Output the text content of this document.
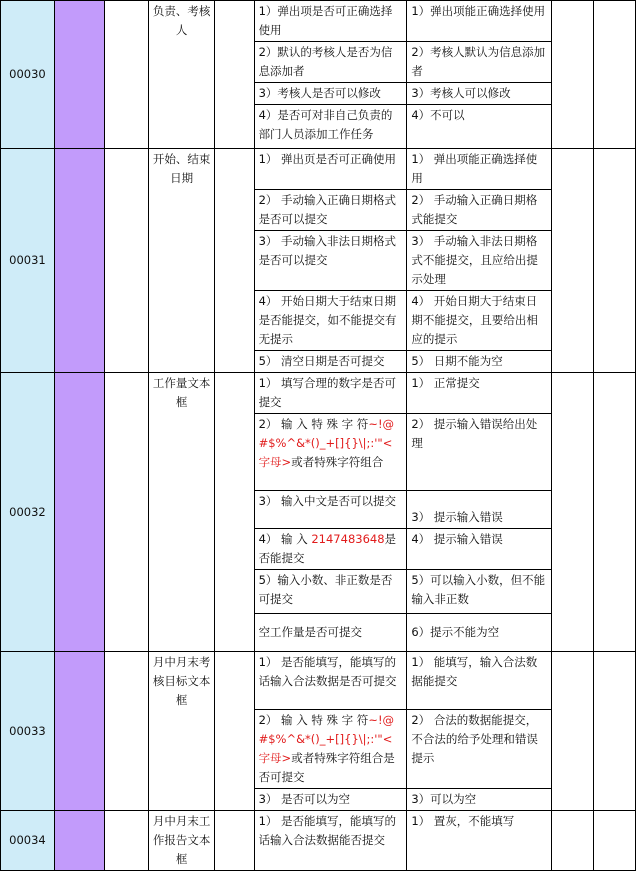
00030			负责、考核人		1）弹出项是否可正确选择使用	1）弹出项能正确选择使用		
					2）默认的考核人是否为信息添加者	2）考核人默认为信息添加者		
					3）考核人是否可以修改	3）考核人可以修改		
					4）是否可对非自己负责的部门人员添加工作任务	4）不可以		
00031			开始、结束日期		1） 弹出页是否可正确使用	1） 弹出项能正确选择使用		
					2） 手动输入正确日期格式是否可以提交	2） 手动输入正确日期格式能提交		
					3） 手动输入非法日期格式是否可以提交	3） 手动输入非法日期格式不能提交，且应给出提示处理		
					4） 开始日期大于结束日期是否能提交，如不能提交有无提示	4） 开始日期大于结束日期不能提交，且要给出相应的提示		
					5） 清空日期是否可提交	5） 日期不能为空		
00032			工作量文本框		1） 填写合理的数字是否可提交	1） 正常提交		
					2） 输 入 特 殊 字 符~!@#$%^&*()_+[]{}\|;:'"<字母>或者特殊字符组合	2） 提示输入错误给出处理		
					3） 输入中文是否可以提交	3） 提示输入错误		
					4） 输 入 2147483648是否能提交	4） 提示输入错误		
					5）输入小数、非正数是否可提交	5）可以输入小数，但不能输入非正数		
					空工作量是否可提交	6）提示不能为空		
00033			月中月末考核目标文本框		1） 是否能填写，能填写的话输入合法数据是否可提交	1） 能填写，输入合法数据能提交		
					2） 输 入 特 殊 字 符~!@#$%^&*()_+[]{}\|;:'"<字母>或者特殊字符组合是否可提交	2） 合法的数据能提交，不合法的给予处理和错误提示		
					3） 是否可以为空	3）可以为空		
00034			月中月末工作报告文本框		1） 是否能填写，能填写的话输入合法数据能否提交	1） 置灰，不能填写		
